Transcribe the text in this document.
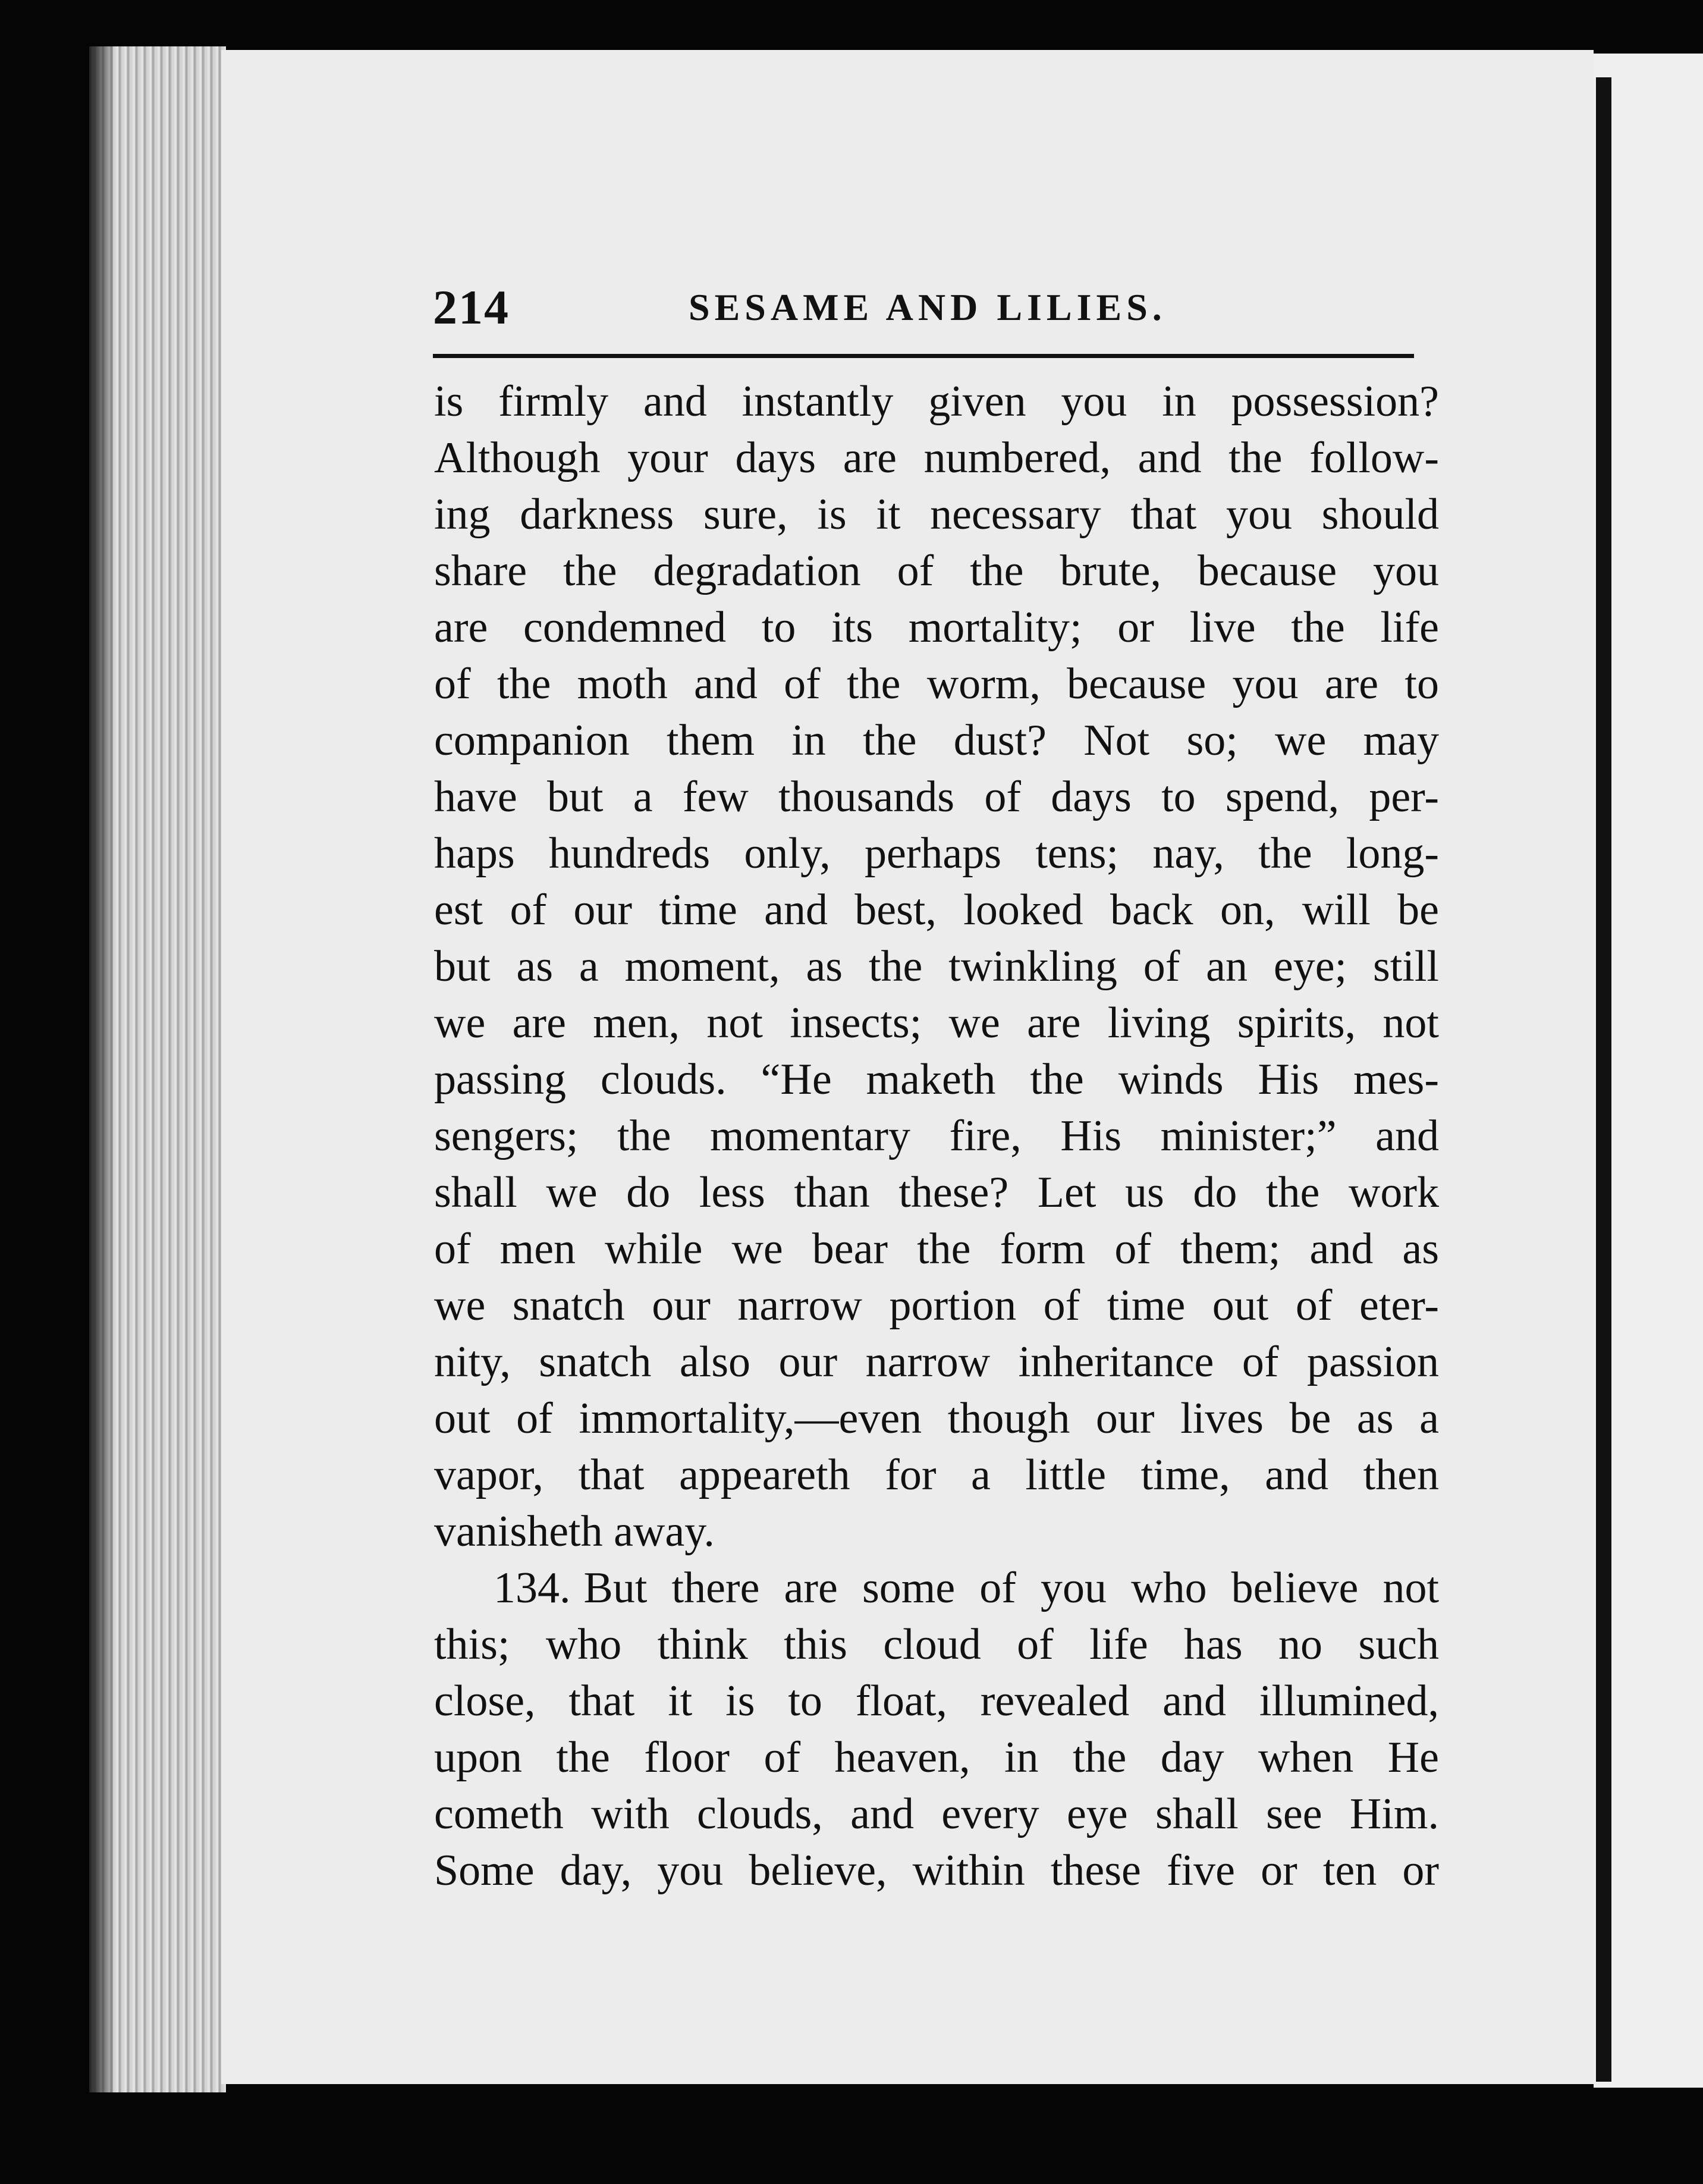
214	SESAME AND LILIES.
is firmly and instantly given you in possession?
Although your days are numbered, and the follow-
ing darkness sure, is it necessary that you should
share the degradation of the brute, because you
are condemned to its mortality; or live the life
of the moth and of the worm, because you are to
companion them in the dust? Not so; we may
have but a few thousands of days to spend, per-
haps hundreds only, perhaps tens; nay, the long-
est of our time and best, looked back on, will be
but as a moment, as the twinkling of an eye; still
we are men, not insects; we are living spirits, not
passing clouds. “He maketh the winds His mes-
sengers; the momentary fire, His minister;” and
shall we do less than these? Let us do the work
of men while we bear the form of them; and as
we snatch our narrow portion of time out of eter-
nity, snatch also our narrow inheritance of passion
out of immortality,—even though our lives be as a
vapor, that appeareth for a little time, and then
vanisheth away.
134. But there are some of you who believe not
this; who think this cloud of life has no such
close, that it is to float, revealed and illumined,
upon the floor of heaven, in the day when He
cometh with clouds, and every eye shall see Him.
Some day, you believe, within these five or ten or
